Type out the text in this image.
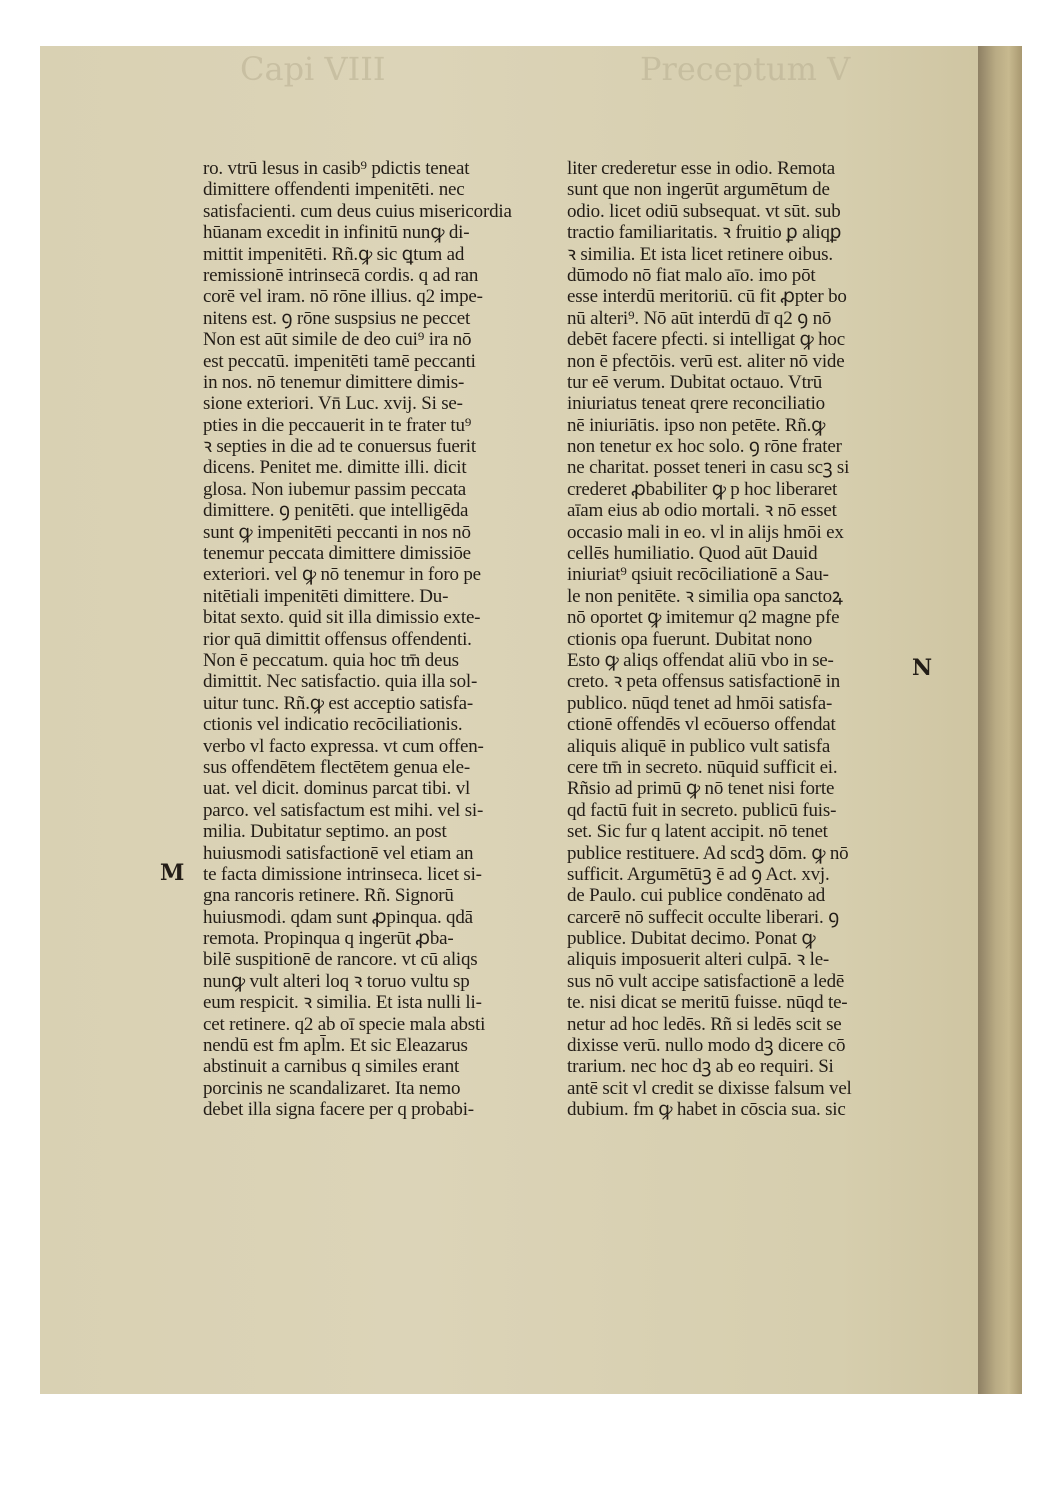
Capi VIII	Preceptum V
ro. vtrū lesus in casib⁹ pdictis teneat
dimittere offendenti impenitēti. nec
satisfacienti. cum deus cuius misericordia
hūanam excedit in infinitū nunꝙ di-
mittit impenitēti. Rñ.ꝙ sic ꝗtum ad
remissionē intrinsecā cordis. q ad ran
corē vel iram. nō rōne illius. q2 impe-
nitens est. ꝯ rōne suspsius ne peccet
Non est aūt simile de deo cui⁹ ira nō
est peccatū. impenitēti tamē peccanti
in nos. nō tenemur dimittere dimis-
sione exteriori. Vn̄ Luc. xvij. Si se-
pties in die peccauerit in te frater tu⁹
ꝛ septies in die ad te conuersus fuerit
dicens. Penitet me. dimitte illi. dicit
glosa. Non iubemur passim peccata
dimittere. ꝯ penitēti. que intelligēda
sunt ꝙ impenitēti peccanti in nos nō
tenemur peccata dimittere dimissiōe
exteriori. vel ꝙ nō tenemur in foro pe
nitētiali impenitēti dimittere. Du-
bitat sexto. quid sit illa dimissio exte-
rior quā dimittit offensus offendenti.
Non ē peccatum. quia hoc tm̄ deus
dimittit. Nec satisfactio. quia illa sol-
uitur tunc. Rñ.ꝙ est acceptio satisfa-
ctionis vel indicatio recōciliationis.
verbo vl facto expressa. vt cum offen-
sus offendētem flectētem genua ele-
uat. vel dicit. dominus parcat tibi. vl
parco. vel satisfactum est mihi. vel si-
milia. Dubitatur septimo. an post
huiusmodi satisfactionē vel etiam an
te facta dimissione intrinseca. licet si-
gna rancoris retinere. Rñ. Signorū
huiusmodi. qdam sunt ꝓpinqua. qdā
remota. Propinqua q ingerūt ꝓba-
bilē suspitionē de rancore. vt cū aliqs
nunꝙ vult alteri loq ꝛ toruo vultu sp
eum respicit. ꝛ similia. Et ista nulli li-
cet retinere. q2 ab oī specie mala absti
nendū est fm apl̄m. Et sic Eleazarus
abstinuit a carnibus q similes erant
porcinis ne scandalizaret. Ita nemo
debet illa signa facere per q probabi-
liter crederetur esse in odio. Remota
sunt que non ingerūt argumētum de
odio. licet odiū subsequat. vt sūt. sub
tractio familiaritatis. ꝛ fruitio ꝑ aliqꝑ
ꝛ similia. Et ista licet retinere oibus.
dūmodo nō fiat malo aīo. imo pōt
esse interdū meritoriū. cū fit ꝓpter bo
nū alteri⁹. Nō aūt interdū dī q2 ꝯ nō
debēt facere pfecti. si intelligat ꝙ hoc
non ē pfectōis. verū est. aliter nō vide
tur eē verum. Dubitat octauo. Vtrū
iniuriatus teneat qrere reconciliatio
nē iniuriātis. ipso non petēte. Rñ.ꝙ
non tenetur ex hoc solo. ꝯ rōne frater
ne charitat. posset teneri in casu scꝫ si
crederet ꝓbabiliter ꝙ p hoc liberaret
aīam eius ab odio mortali. ꝛ nō esset
occasio mali in eo. vl in alijs hmōi ex
cellēs humiliatio. Quod aūt Dauid
iniuriat⁹ qsiuit recōciliationē a Sau-
le non penitēte. ꝛ similia opa sanctoꝝ
nō oportet ꝙ imitemur q2 magne pfe
ctionis opa fuerunt. Dubitat nono
Esto ꝙ aliqs offendat aliū vbo in se-
creto. ꝛ peta offensus satisfactionē in
publico. nūqd tenet ad hmōi satisfa-
ctionē offendēs vl ecōuerso offendat
aliquis aliquē in publico vult satisfa
cere tm̄ in secreto. nūquid sufficit ei.
Rñsio ad primū ꝙ nō tenet nisi forte
qd factū fuit in secreto. publicū fuis-
set. Sic fur q latent accipit. nō tenet
publice restituere. Ad scdꝫ dōm. ꝙ nō
sufficit. Argumētūꝫ ē ad ꝯ Act. xvj.
de Paulo. cui publice condēnato ad
carcerē nō suffecit occulte liberari. ꝯ
publice. Dubitat decimo. Ponat ꝙ
aliquis imposuerit alteri culpā. ꝛ le-
sus nō vult accipe satisfactionē a ledē
te. nisi dicat se meritū fuisse. nūqd te-
netur ad hoc ledēs. Rñ si ledēs scit se
dixisse verū. nullo modo dꝫ dicere cō
trarium. nec hoc dꝫ ab eo requiri. Si
antē scit vl credit se dixisse falsum vel
dubium. fm ꝙ habet in cōscia sua. sic
M
N
